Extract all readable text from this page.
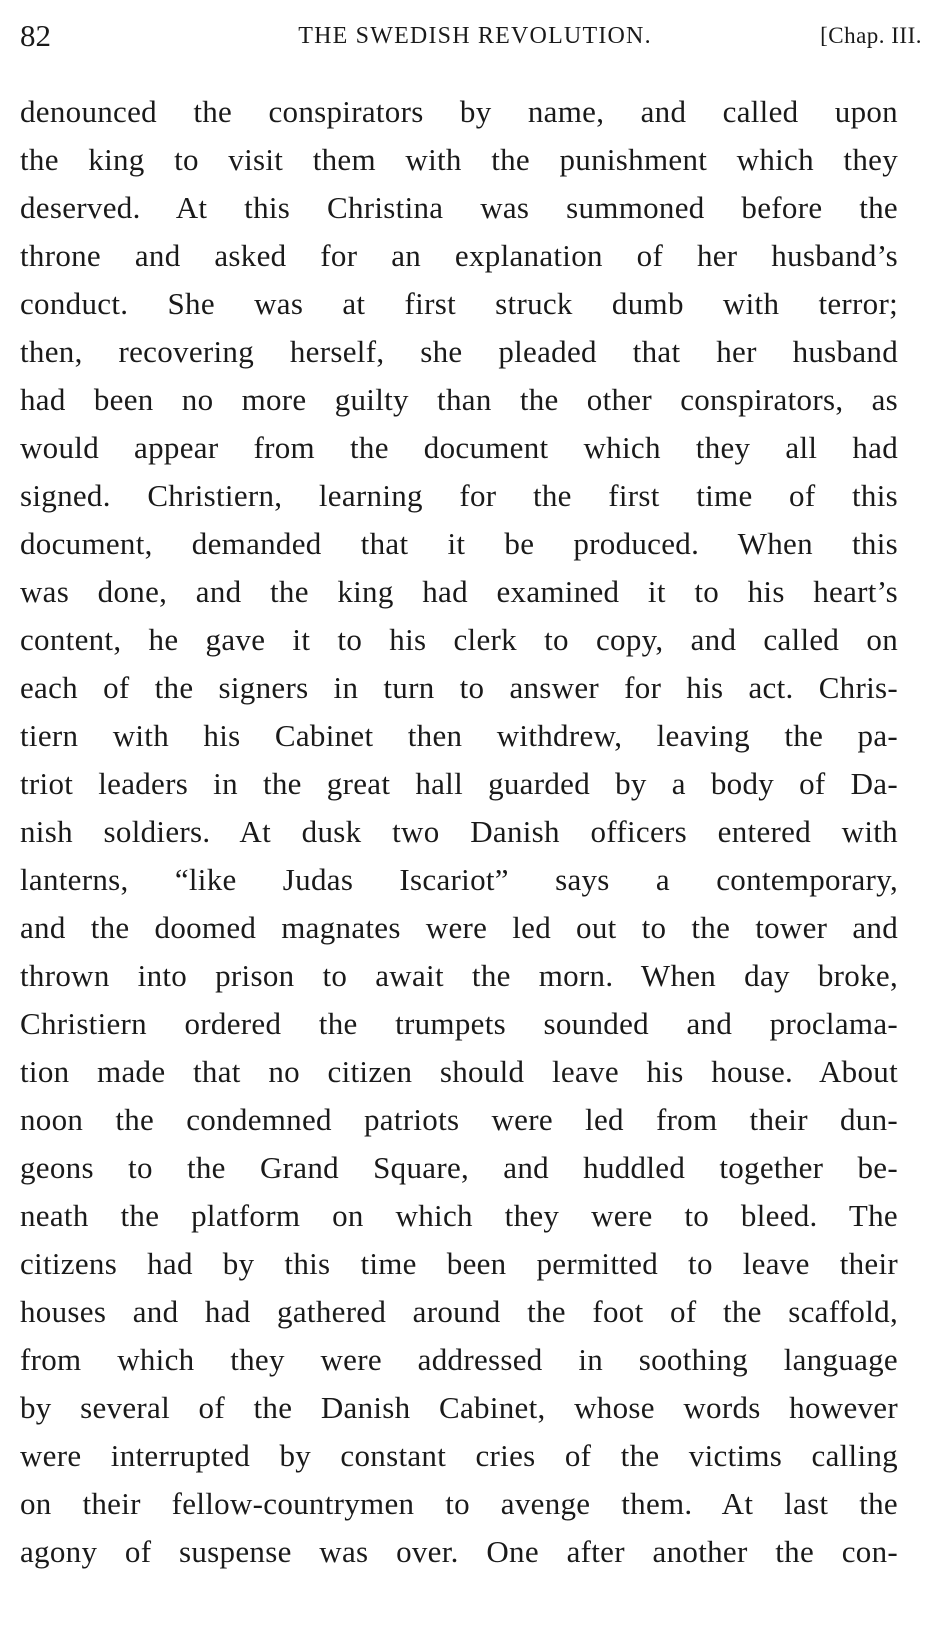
82	THE SWEDISH REVOLUTION.	[Chap. III.
denounced the conspirators by name, and called upon
the king to visit them with the punishment which they
deserved. At this Christina was summoned before the
throne and asked for an explanation of her husband’s
conduct. She was at first struck dumb with terror;
then, recovering herself, she pleaded that her husband
had been no more guilty than the other conspirators, as
would appear from the document which they all had
signed. Christiern, learning for the first time of this
document, demanded that it be produced. When this
was done, and the king had examined it to his heart’s
content, he gave it to his clerk to copy, and called on
each of the signers in turn to answer for his act. Chris-
tiern with his Cabinet then withdrew, leaving the pa-
triot leaders in the great hall guarded by a body of Da-
nish soldiers. At dusk two Danish officers entered with
lanterns, “like Judas Iscariot” says a contemporary,
and the doomed magnates were led out to the tower and
thrown into prison to await the morn. When day broke,
Christiern ordered the trumpets sounded and proclama-
tion made that no citizen should leave his house. About
noon the condemned patriots were led from their dun-
geons to the Grand Square, and huddled together be-
neath the platform on which they were to bleed. The
citizens had by this time been permitted to leave their
houses and had gathered around the foot of the scaffold,
from which they were addressed in soothing language
by several of the Danish Cabinet, whose words however
were interrupted by constant cries of the victims calling
on their fellow-countrymen to avenge them. At last the
agony of suspense was over. One after another the con-
